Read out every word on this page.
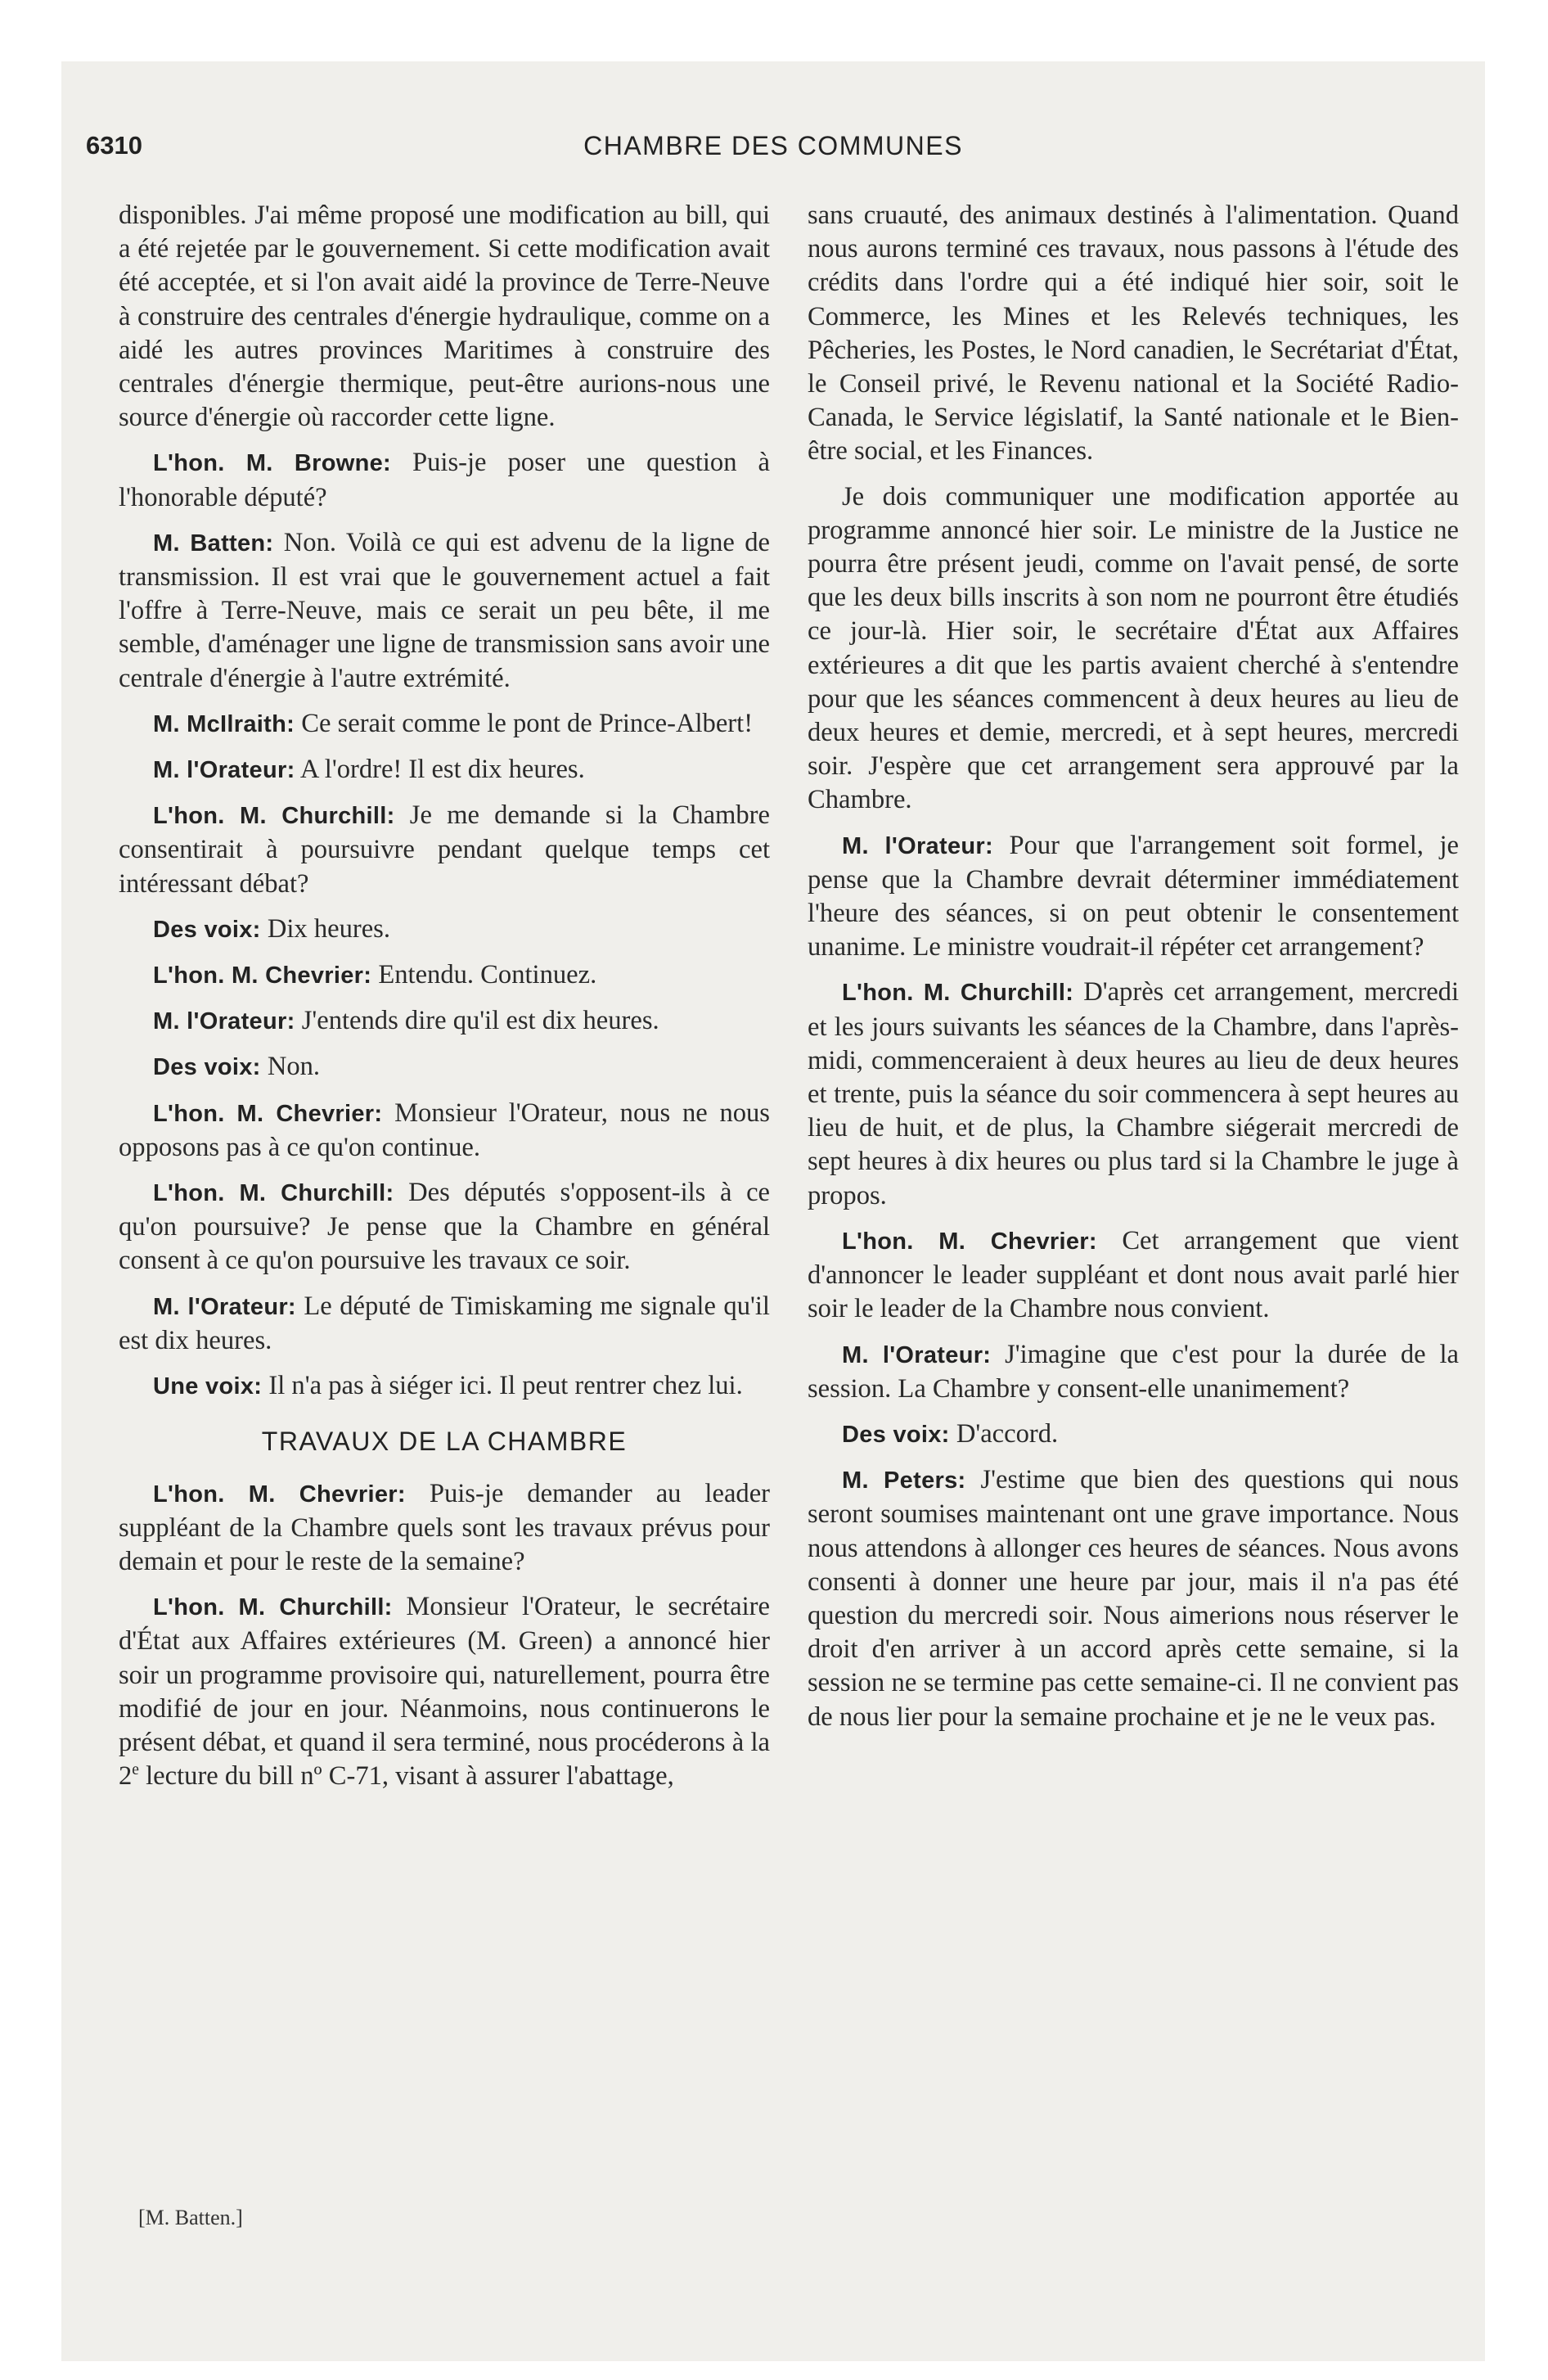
6310	CHAMBRE DES COMMUNES

disponibles. J'ai même proposé une modification au bill, qui a été rejetée par le gouvernement. Si cette modification avait été acceptée, et si l'on avait aidé la province de Terre-Neuve à construire des centrales d'énergie hydraulique, comme on a aidé les autres provinces Maritimes à construire des centrales d'énergie thermique, peut-être aurions-nous une source d'énergie où raccorder cette ligne.

L'hon. M. Browne: Puis-je poser une question à l'honorable député?

M. Batten: Non. Voilà ce qui est advenu de la ligne de transmission. Il est vrai que le gouvernement actuel a fait l'offre à Terre-Neuve, mais ce serait un peu bête, il me semble, d'aménager une ligne de transmission sans avoir une centrale d'énergie à l'autre extrémité.

M. McIlraith: Ce serait comme le pont de Prince-Albert!

M. l'Orateur: A l'ordre! Il est dix heures.

L'hon. M. Churchill: Je me demande si la Chambre consentirait à poursuivre pendant quelque temps cet intéressant débat?

Des voix: Dix heures.

L'hon. M. Chevrier: Entendu. Continuez.

M. l'Orateur: J'entends dire qu'il est dix heures.

Des voix: Non.

L'hon. M. Chevrier: Monsieur l'Orateur, nous ne nous opposons pas à ce qu'on continue.

L'hon. M. Churchill: Des députés s'opposent-ils à ce qu'on poursuive? Je pense que la Chambre en général consent à ce qu'on poursuive les travaux ce soir.

M. l'Orateur: Le député de Timiskaming me signale qu'il est dix heures.

Une voix: Il n'a pas à siéger ici. Il peut rentrer chez lui.

TRAVAUX DE LA CHAMBRE

L'hon. M. Chevrier: Puis-je demander au leader suppléant de la Chambre quels sont les travaux prévus pour demain et pour le reste de la semaine?

L'hon. M. Churchill: Monsieur l'Orateur, le secrétaire d'État aux Affaires extérieures (M. Green) a annoncé hier soir un programme provisoire qui, naturellement, pourra être modifié de jour en jour. Néanmoins, nous continuerons le présent débat, et quand il sera terminé, nous procéderons à la 2e lecture du bill nº C-71, visant à assurer l'abattage,

sans cruauté, des animaux destinés à l'alimentation. Quand nous aurons terminé ces travaux, nous passons à l'étude des crédits dans l'ordre qui a été indiqué hier soir, soit le Commerce, les Mines et les Relevés techniques, les Pêcheries, les Postes, le Nord canadien, le Secrétariat d'État, le Conseil privé, le Revenu national et la Société Radio-Canada, le Service législatif, la Santé nationale et le Bien-être social, et les Finances.

Je dois communiquer une modification apportée au programme annoncé hier soir. Le ministre de la Justice ne pourra être présent jeudi, comme on l'avait pensé, de sorte que les deux bills inscrits à son nom ne pourront être étudiés ce jour-là. Hier soir, le secrétaire d'État aux Affaires extérieures a dit que les partis avaient cherché à s'entendre pour que les séances commencent à deux heures au lieu de deux heures et demie, mercredi, et à sept heures, mercredi soir. J'espère que cet arrangement sera approuvé par la Chambre.

M. l'Orateur: Pour que l'arrangement soit formel, je pense que la Chambre devrait déterminer immédiatement l'heure des séances, si on peut obtenir le consentement unanime. Le ministre voudrait-il répéter cet arrangement?

L'hon. M. Churchill: D'après cet arrangement, mercredi et les jours suivants les séances de la Chambre, dans l'après-midi, commenceraient à deux heures au lieu de deux heures et trente, puis la séance du soir commencera à sept heures au lieu de huit, et de plus, la Chambre siégerait mercredi de sept heures à dix heures ou plus tard si la Chambre le juge à propos.

L'hon. M. Chevrier: Cet arrangement que vient d'annoncer le leader suppléant et dont nous avait parlé hier soir le leader de la Chambre nous convient.

M. l'Orateur: J'imagine que c'est pour la durée de la session. La Chambre y consent-elle unanimement?

Des voix: D'accord.

M. Peters: J'estime que bien des questions qui nous seront soumises maintenant ont une grave importance. Nous nous attendons à allonger ces heures de séances. Nous avons consenti à donner une heure par jour, mais il n'a pas été question du mercredi soir. Nous aimerions nous réserver le droit d'en arriver à un accord après cette semaine, si la session ne se termine pas cette semaine-ci. Il ne convient pas de nous lier pour la semaine prochaine et je ne le veux pas.

[M. Batten.]
